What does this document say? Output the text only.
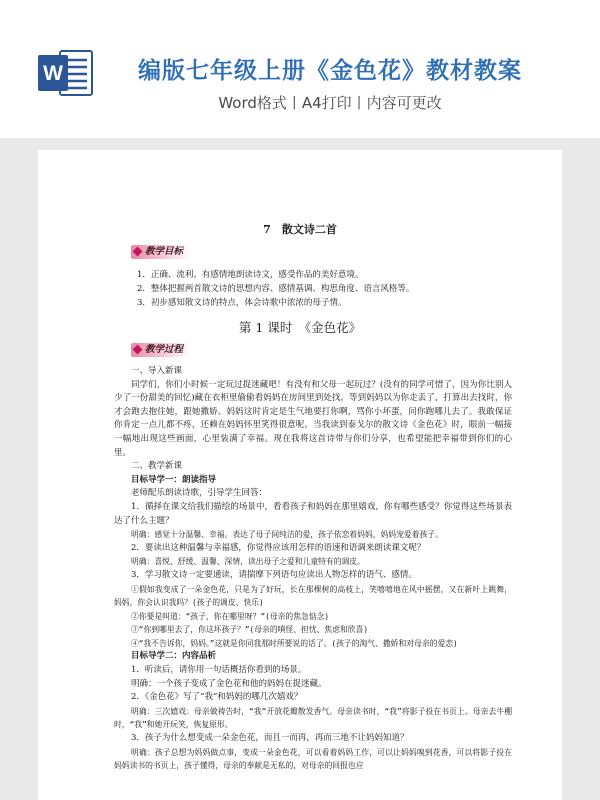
W	编版七年级上册《金色花》教材教案
Word格式丨A4打印丨内容可更改
7　散文诗二首
教学目标
1．正确、流利、有感情地朗读诗文，感受作品的美好意境。
2．整体把握两首散文诗的思想内容、感情基调、构思角度、语言风格等。
3．初步感知散文诗的特点，体会诗歌中浓浓的母子情。
第 1 课时　《金色花》
教学过程

一、导入新课

同学们，你们小时候一定玩过捉迷藏吧！有没有和父母一起玩过？(没有的同学可惜了，因为你比别人少了一份甜美的回忆)藏在衣柜里偷偷看妈妈在房间里到处找，等到妈妈以为你走丢了，打算出去找时，你才会跑去抱住她，跟她撒娇。妈妈这时肯定是生气地要打你啊，骂你小坏蛋，问你跑哪儿去了。我敢保证你肯定一点儿都不疼，还赖在妈妈怀里笑得很意呢。当我读到泰戈尔的散文诗《金色花》时，眼前一幅接一幅地出现这些画面，心里装满了幸福。现在我将这首诗带与你们分享，也希望能把幸福带到你们的心里。

二、教学新课

目标导学一：朗读指导

老师配乐朗读诗歌，引导学生回答：

1．循择在课文给我们描绘的场景中，看看孩子和妈妈在那里嬉戏，你有哪些感受？你觉得这些场景表达了什么主题？

明确：感觉十分温馨、幸福。表达了母子间纯洁的爱，孩子依恋着妈妈，妈妈宠爱着孩子。

2．要读出这种温馨与幸福感，你觉得应该用怎样的语速和语调来朗读课文呢？

明确：喜悦、舒缓、温馨、深情，读出母子之爱和儿童特有的调皮。

3．学习散文诗一定要通读，请揣摩下列语句应读出人物怎样的语气、感情。

①假如我变成了一朵金色花，只是为了好玩，长在那棵树的高枝上，笑嘻嘻地在风中摇摆，又在新叶上跳舞，妈妈，你会认识我吗？(孩子的调皮、快乐)

②你要是叫道：“孩子，你在哪里呀？”(母亲的焦急惦念)

③“你到哪里去了，你这坏孩子？”(母亲的嗔怪、担忧、焦虑和欣喜)

④“我不告诉你，妈妈。”这就是你同我那时所要说的话了。(孩子的淘气、撒娇和对母亲的爱恋)

目标导学二：内容品析

1．听读后，请你用一句话概括你看到的场景。

明确：一个孩子变成了金色花和他的妈妈在捉迷藏。

2．《金色花》写了“我”和妈妈的哪几次嬉戏？

明确：三次嬉戏：母亲做祷告时，“我”开放花瓣散发香气。母亲读书时，“我”将影子投在书页上。母亲去牛棚时，“我”和她开玩笑，恢复原形。

3．孩子为什么想变成一朵金色花，而且一而再，再而三地不让妈妈知道？

明确：孩子总想为妈妈做点事，变成一朵金色花，可以看着妈妈工作，可以让妈妈嗅到花香，可以将影子投在妈妈读书的书页上，孩子懂得，母亲的奉献是无私的，对母亲的回报也应
